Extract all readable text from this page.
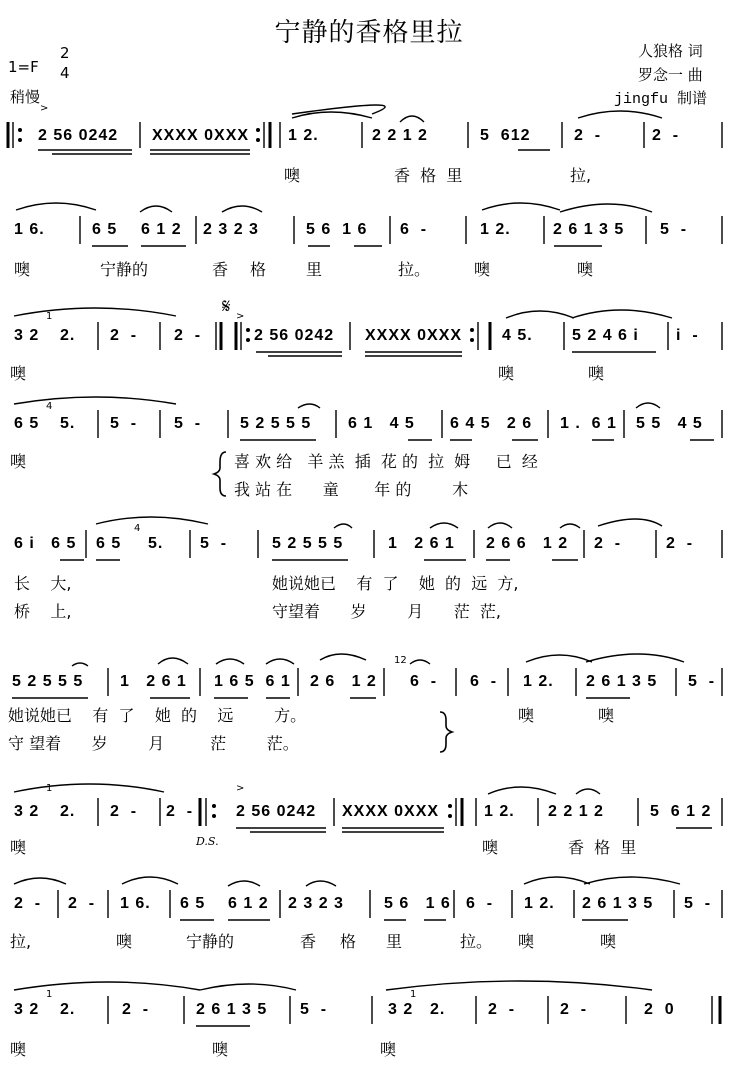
宁静的香格里拉
1=F
2
4
稍慢
人狼格 词
罗念一 曲
jingfu 制谱
2 56 0242 XXXX 0XXX 1 2.	2 2 1 2	5  612	2  -	2  -
噢	香  格  里	拉,
1 6.	6 5 6 1 2 2 3 2 3	5 6  1 6 6  -	1 2.	2 6 1 3 5 5  -
噢	宁静的	香 格 里	拉。	噢	噢
3 2 2. 2  - 2  -	2 56 0242 XXXX 0XXX 4 5. 5 2 4 6 i i  -
噢	噢	噢
6 5 5. 5  - 5  - 5 2 5 5 5 6 1   4 5 6 4 5   2 6 1 .  6 1 5 5   4 5
噢	喜 欢 给   羊 羔  插  花 的  拉  姆     已  经
我 站 在      童       年 的        木
6 i   6 5 6 5 5. 5  -	5 2 5 5 5	1   2 6 1 2 6 6   1 2 2  -	2  -
长    大,	她说她已    有  了    她  的  远  方,
桥    上,	守望着      岁        月      茫  茫,
5 2 5 5 5 1   2 6 1 1 6 5  6 1 2 6   1 2 6  - 6  - 1 2. 2 6 1 3 5 5  -
她说她已    有  了    她  的    远        方。	噢	噢
守 望着      岁        月         茫        茫。
3 2 2. 2  - 2  -	2 56 0242 XXXX 0XXX	1 2. 2 2 1 2	5  6 1 2
噢	噢	香  格  里
2  - 2  - 1 6. 6 5 6 1 2 2 3 2 3	5 6   1 6 6  - 1 2. 2 6 1 3 5 5  -
拉,	噢	宁静的	香 格 里	拉。 噢	噢
3 2 2.	2  -	2 6 1 3 5 5  -	3 2 2.	2  -	2  -	2  0
噢	噢	噢
𝄋
D.S.
>
>
>
1
4
4
12
1
1	1
